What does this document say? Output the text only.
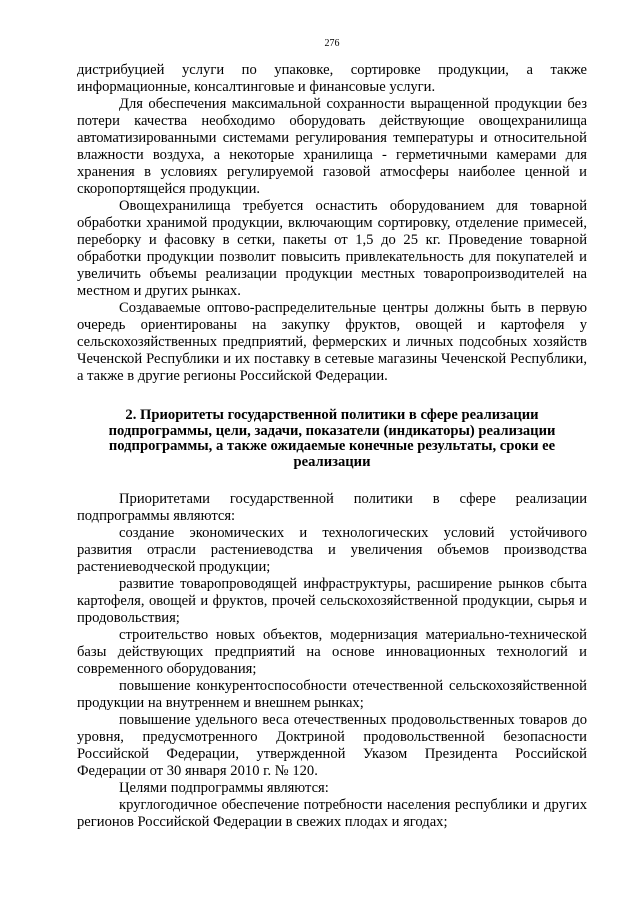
276

дистрибуцией услуги по упаковке, сортировке продукции, а также информационные, консалтинговые и финансовые услуги.

Для обеспечения максимальной сохранности выращенной продукции без потери качества необходимо оборудовать действующие овощехранилища автоматизированными системами регулирования температуры и относительной влажности воздуха, а некоторые хранилища - герметичными камерами для хранения в условиях регулируемой газовой атмосферы наиболее ценной и скоропортящейся продукции.

Овощехранилища требуется оснастить оборудованием для товарной обработки хранимой продукции, включающим сортировку, отделение примесей, переборку и фасовку в сетки, пакеты от 1,5 до 25 кг. Проведение товарной обработки продукции позволит повысить привлекательность для покупателей и увеличить объемы реализации продукции местных товаропроизводителей на местном и других рынках.

Создаваемые оптово-распределительные центры должны быть в первую очередь ориентированы на закупку фруктов, овощей и картофеля у сельскохозяйственных предприятий, фермерских и личных подсобных хозяйств Чеченской Республики и их поставку в сетевые магазины Чеченской Республики, а также в другие регионы Российской Федерации.

2. Приоритеты государственной политики в сфере реализации подпрограммы, цели, задачи, показатели (индикаторы) реализации подпрограммы, а также ожидаемые конечные результаты, сроки ее реализации

Приоритетами государственной политики в сфере реализации подпрограммы являются:

создание экономических и технологических условий устойчивого развития отрасли растениеводства и увеличения объемов производства растениеводческой продукции;

развитие товаропроводящей инфраструктуры, расширение рынков сбыта картофеля, овощей и фруктов, прочей сельскохозяйственной продукции, сырья и продовольствия;

строительство новых объектов, модернизация материально-технической базы действующих предприятий на основе инновационных технологий и современного оборудования;

повышение конкурентоспособности отечественной сельскохозяйственной продукции на внутреннем и внешнем рынках;

повышение удельного веса отечественных продовольственных товаров до уровня, предусмотренного Доктриной продовольственной безопасности Российской Федерации, утвержденной Указом Президента Российской Федерации от 30 января 2010 г. № 120.

Целями подпрограммы являются:

круглогодичное обеспечение потребности населения республики и других регионов Российской Федерации в свежих плодах и ягодах;
